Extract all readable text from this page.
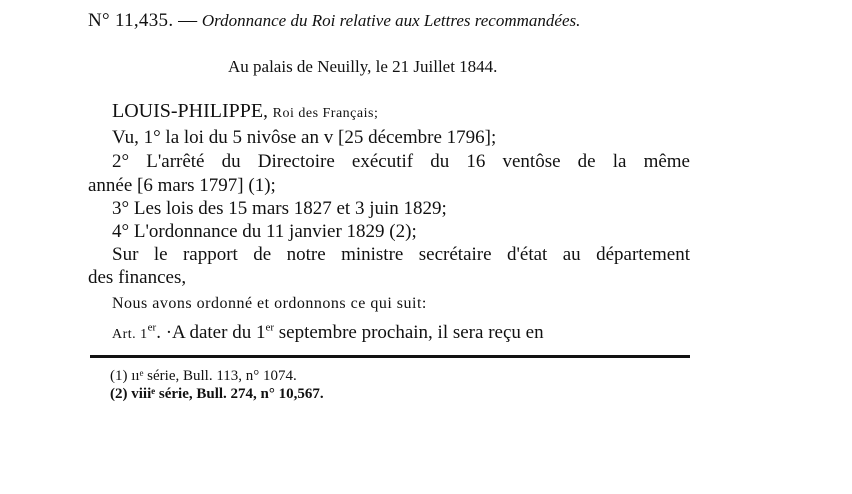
N° 11,435. — Ordonnance du Roi relative aux Lettres recommandées.
Au palais de Neuilly, le 21 Juillet 1844.
LOUIS-PHILIPPE, Roi des Français;
Vu, 1° la loi du 5 nivôse an v [25 décembre 1796];
2° L'arrêté du Directoire exécutif du 16 ventôse de la même
année [6 mars 1797] (1);
3° Les lois des 15 mars 1827 et 3 juin 1829;
4° L'ordonnance du 11 janvier 1829 (2);
Sur le rapport de notre ministre secrétaire d'état au département
des finances,
Nous avons ordonné et ordonnons ce qui suit:
Art. 1er. ·A dater du 1er septembre prochain, il sera reçu en
(1) ııᵉ série, Bull. 113, n° 1074.
(2) viiiᵉ série, Bull. 274, n° 10,567.
